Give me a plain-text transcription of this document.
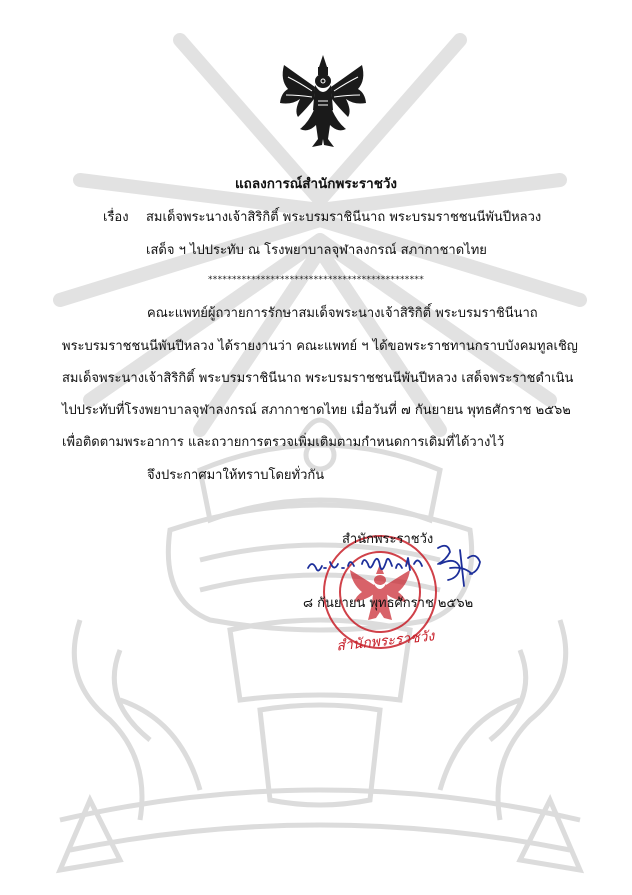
แถลงการณ์สำนักพระราชวัง
เรื่อง สมเด็จพระนางเจ้าสิริกิติ์ พระบรมราชินีนาถ พระบรมราชชนนีพันปีหลวง
เสด็จ ฯ ไปประทับ ณ โรงพยาบาลจุฬาลงกรณ์ สภากาชาดไทย
*********************************************
คณะแพทย์ผู้ถวายการรักษาสมเด็จพระนางเจ้าสิริกิติ์ พระบรมราชินีนาถ
พระบรมราชชนนีพันปีหลวง ได้รายงานว่า คณะแพทย์ ฯ ได้ขอพระราชทานกราบบังคมทูลเชิญ
สมเด็จพระนางเจ้าสิริกิติ์ พระบรมราชินีนาถ พระบรมราชชนนีพันปีหลวง เสด็จพระราชดำเนิน
ไปประทับที่โรงพยาบาลจุฬาลงกรณ์ สภากาชาดไทย เมื่อวันที่ ๗ กันยายน พุทธศักราช ๒๕๖๒
เพื่อติดตามพระอาการ และถวายการตรวจเพิ่มเติมตามกำหนดการเดิมที่ได้วางไว้
จึงประกาศมาให้ทราบโดยทั่วกัน
สำนักพระราชวัง
สำนักพระราชวัง
๘ กันยายน พุทธศักราช ๒๕๖๒
